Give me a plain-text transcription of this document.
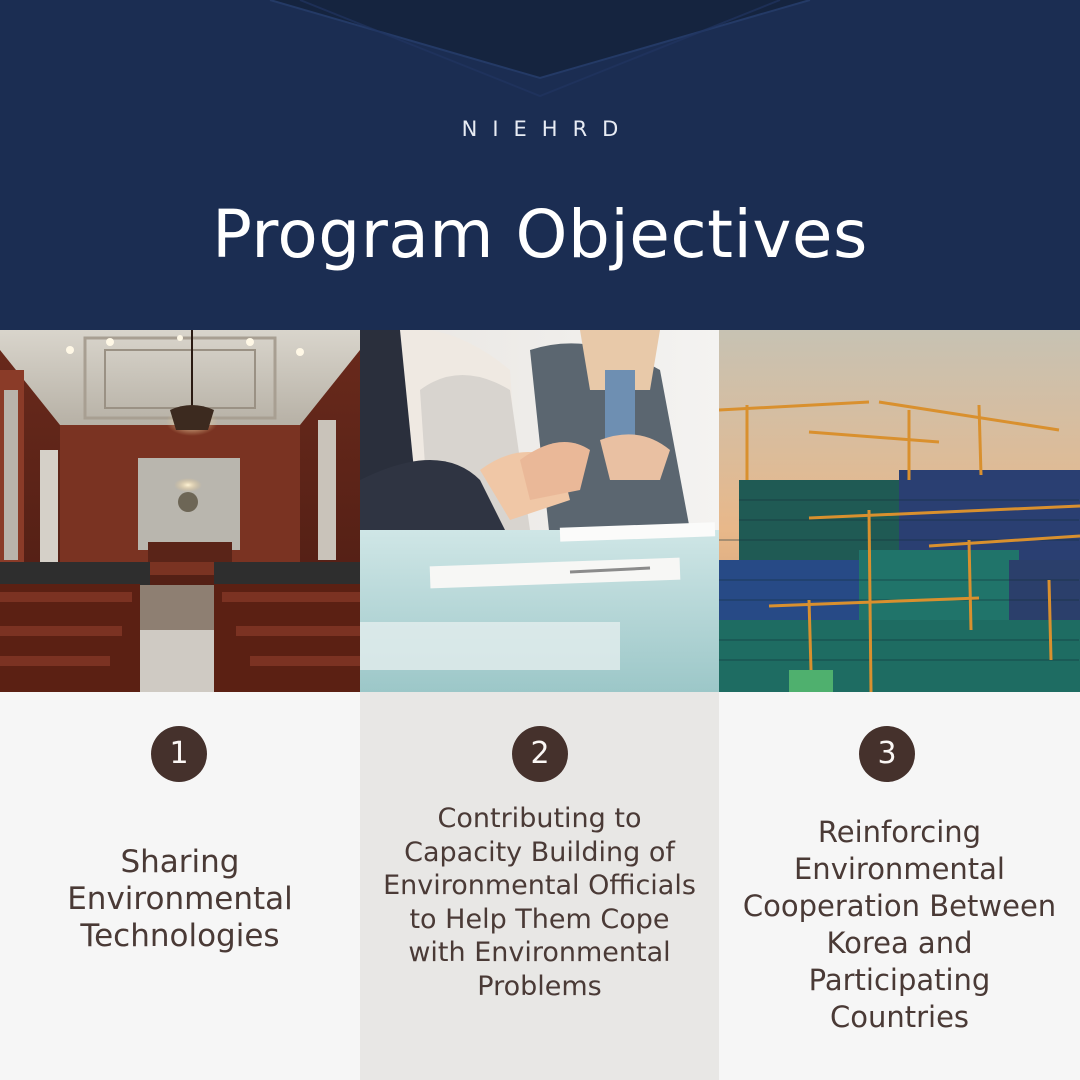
NIEHRD
Program Objectives
1

Sharing Environmental Technologies

2

Contributing to Capacity Building of Environmental Officials to Help Them Cope with Environmental Problems

3

Reinforcing Environmental Cooperation Between Korea and Participating Countries
